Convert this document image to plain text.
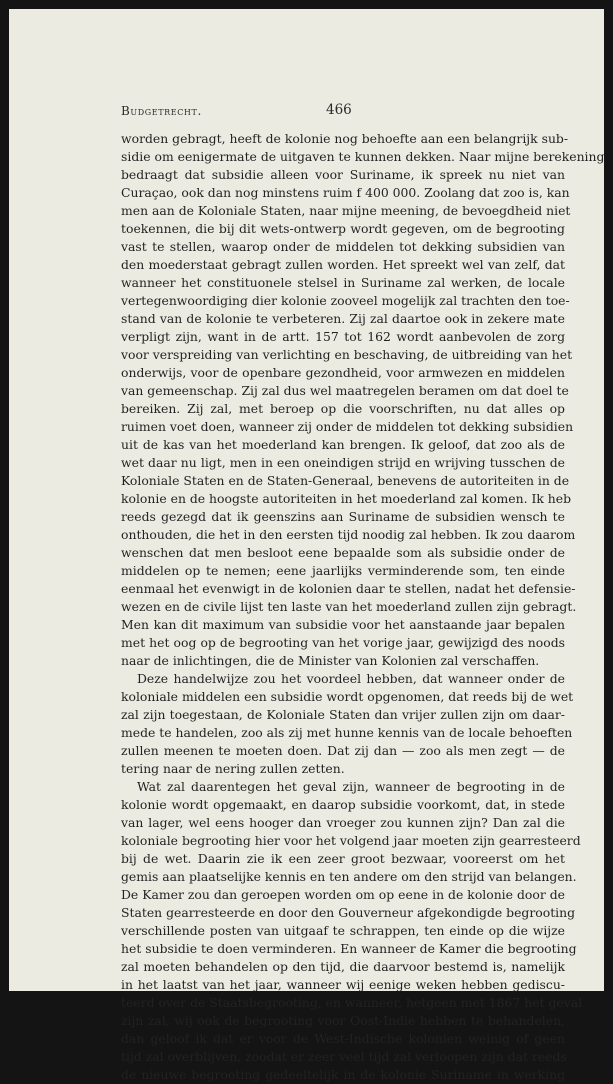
Budgetrecht.	466
worden gebragt, heeft de kolonie nog behoefte aan een belangrijk sub-
sidie om eenigermate de uitgaven te kunnen dekken. Naar mijne berekening
bedraagt dat subsidie alleen voor Suriname, ik spreek nu niet van
Curaçao, ook dan nog minstens ruim f 400 000. Zoolang dat zoo is, kan
men aan de Koloniale Staten, naar mijne meening, de bevoegdheid niet
toekennen, die bij dit wets-ontwerp wordt gegeven, om de begrooting
vast te stellen, waarop onder de middelen tot dekking subsidien van
den moederstaat gebragt zullen worden. Het spreekt wel van zelf, dat
wanneer het constituonele stelsel in Suriname zal werken, de locale
vertegenwoordiging dier kolonie zooveel mogelijk zal trachten den toe-
stand van de kolonie te verbeteren. Zij zal daartoe ook in zekere mate
verpligt zijn, want in de artt. 157 tot 162 wordt aanbevolen de zorg
voor verspreiding van verlichting en beschaving, de uitbreiding van het
onderwijs, voor de openbare gezondheid, voor armwezen en middelen
van gemeenschap. Zij zal dus wel maatregelen beramen om dat doel te
bereiken. Zij zal, met beroep op die voorschriften, nu dat alles op
ruimen voet doen, wanneer zij onder de middelen tot dekking subsidien
uit de kas van het moederland kan brengen. Ik geloof, dat zoo als de
wet daar nu ligt, men in een oneindigen strijd en wrijving tusschen de
Koloniale Staten en de Staten-Generaal, benevens de autoriteiten in de
kolonie en de hoogste autoriteiten in het moederland zal komen. Ik heb
reeds gezegd dat ik geenszins aan Suriname de subsidien wensch te
onthouden, die het in den eersten tijd noodig zal hebben. Ik zou daarom
wenschen dat men besloot eene bepaalde som als subsidie onder de
middelen op te nemen; eene jaarlijks verminderende som, ten einde
eenmaal het evenwigt in de kolonien daar te stellen, nadat het defensie-
wezen en de civile lijst ten laste van het moederland zullen zijn gebragt.
Men kan dit maximum van subsidie voor het aanstaande jaar bepalen
met het oog op de begrooting van het vorige jaar, gewijzigd des noods
naar de inlichtingen, die de Minister van Kolonien zal verschaffen.
Deze handelwijze zou het voordeel hebben, dat wanneer onder de
koloniale middelen een subsidie wordt opgenomen, dat reeds bij de wet
zal zijn toegestaan, de Koloniale Staten dan vrijer zullen zijn om daar-
mede te handelen, zoo als zij met hunne kennis van de locale behoeften
zullen meenen te moeten doen. Dat zij dan — zoo als men zegt — de
tering naar de nering zullen zetten.
Wat zal daarentegen het geval zijn, wanneer de begrooting in de
kolonie wordt opgemaakt, en daarop subsidie voorkomt, dat, in stede
van lager, wel eens hooger dan vroeger zou kunnen zijn? Dan zal die
koloniale begrooting hier voor het volgend jaar moeten zijn gearresteerd
bij de wet. Daarin zie ik een zeer groot bezwaar, vooreerst om het
gemis aan plaatselijke kennis en ten andere om den strijd van belangen.
De Kamer zou dan geroepen worden om op eene in de kolonie door de
Staten gearresteerde en door den Gouverneur afgekondigde begrooting
verschillende posten van uitgaaf te schrappen, ten einde op die wijze
het subsidie te doen verminderen. En wanneer de Kamer die begrooting
zal moeten behandelen op den tijd, die daarvoor bestemd is, namelijk
in het laatst van het jaar, wanneer wij eenige weken hebben gediscu-
teerd over de Staatsbegrooting, en wanneer, hetgeen met 1867 het geval
zijn zal, wij ook de begrooting voor Oost-Indie hebben te behandelen,
dan geloof ik dat er voor de West-Indische kolonien weinig of geen
tijd zal overblijven, zoodat er zeer veel tijd zal verloopen zijn dat reeds
de nieuwe begrooting gedeeltelijk in de kolonie Suriname in werking
